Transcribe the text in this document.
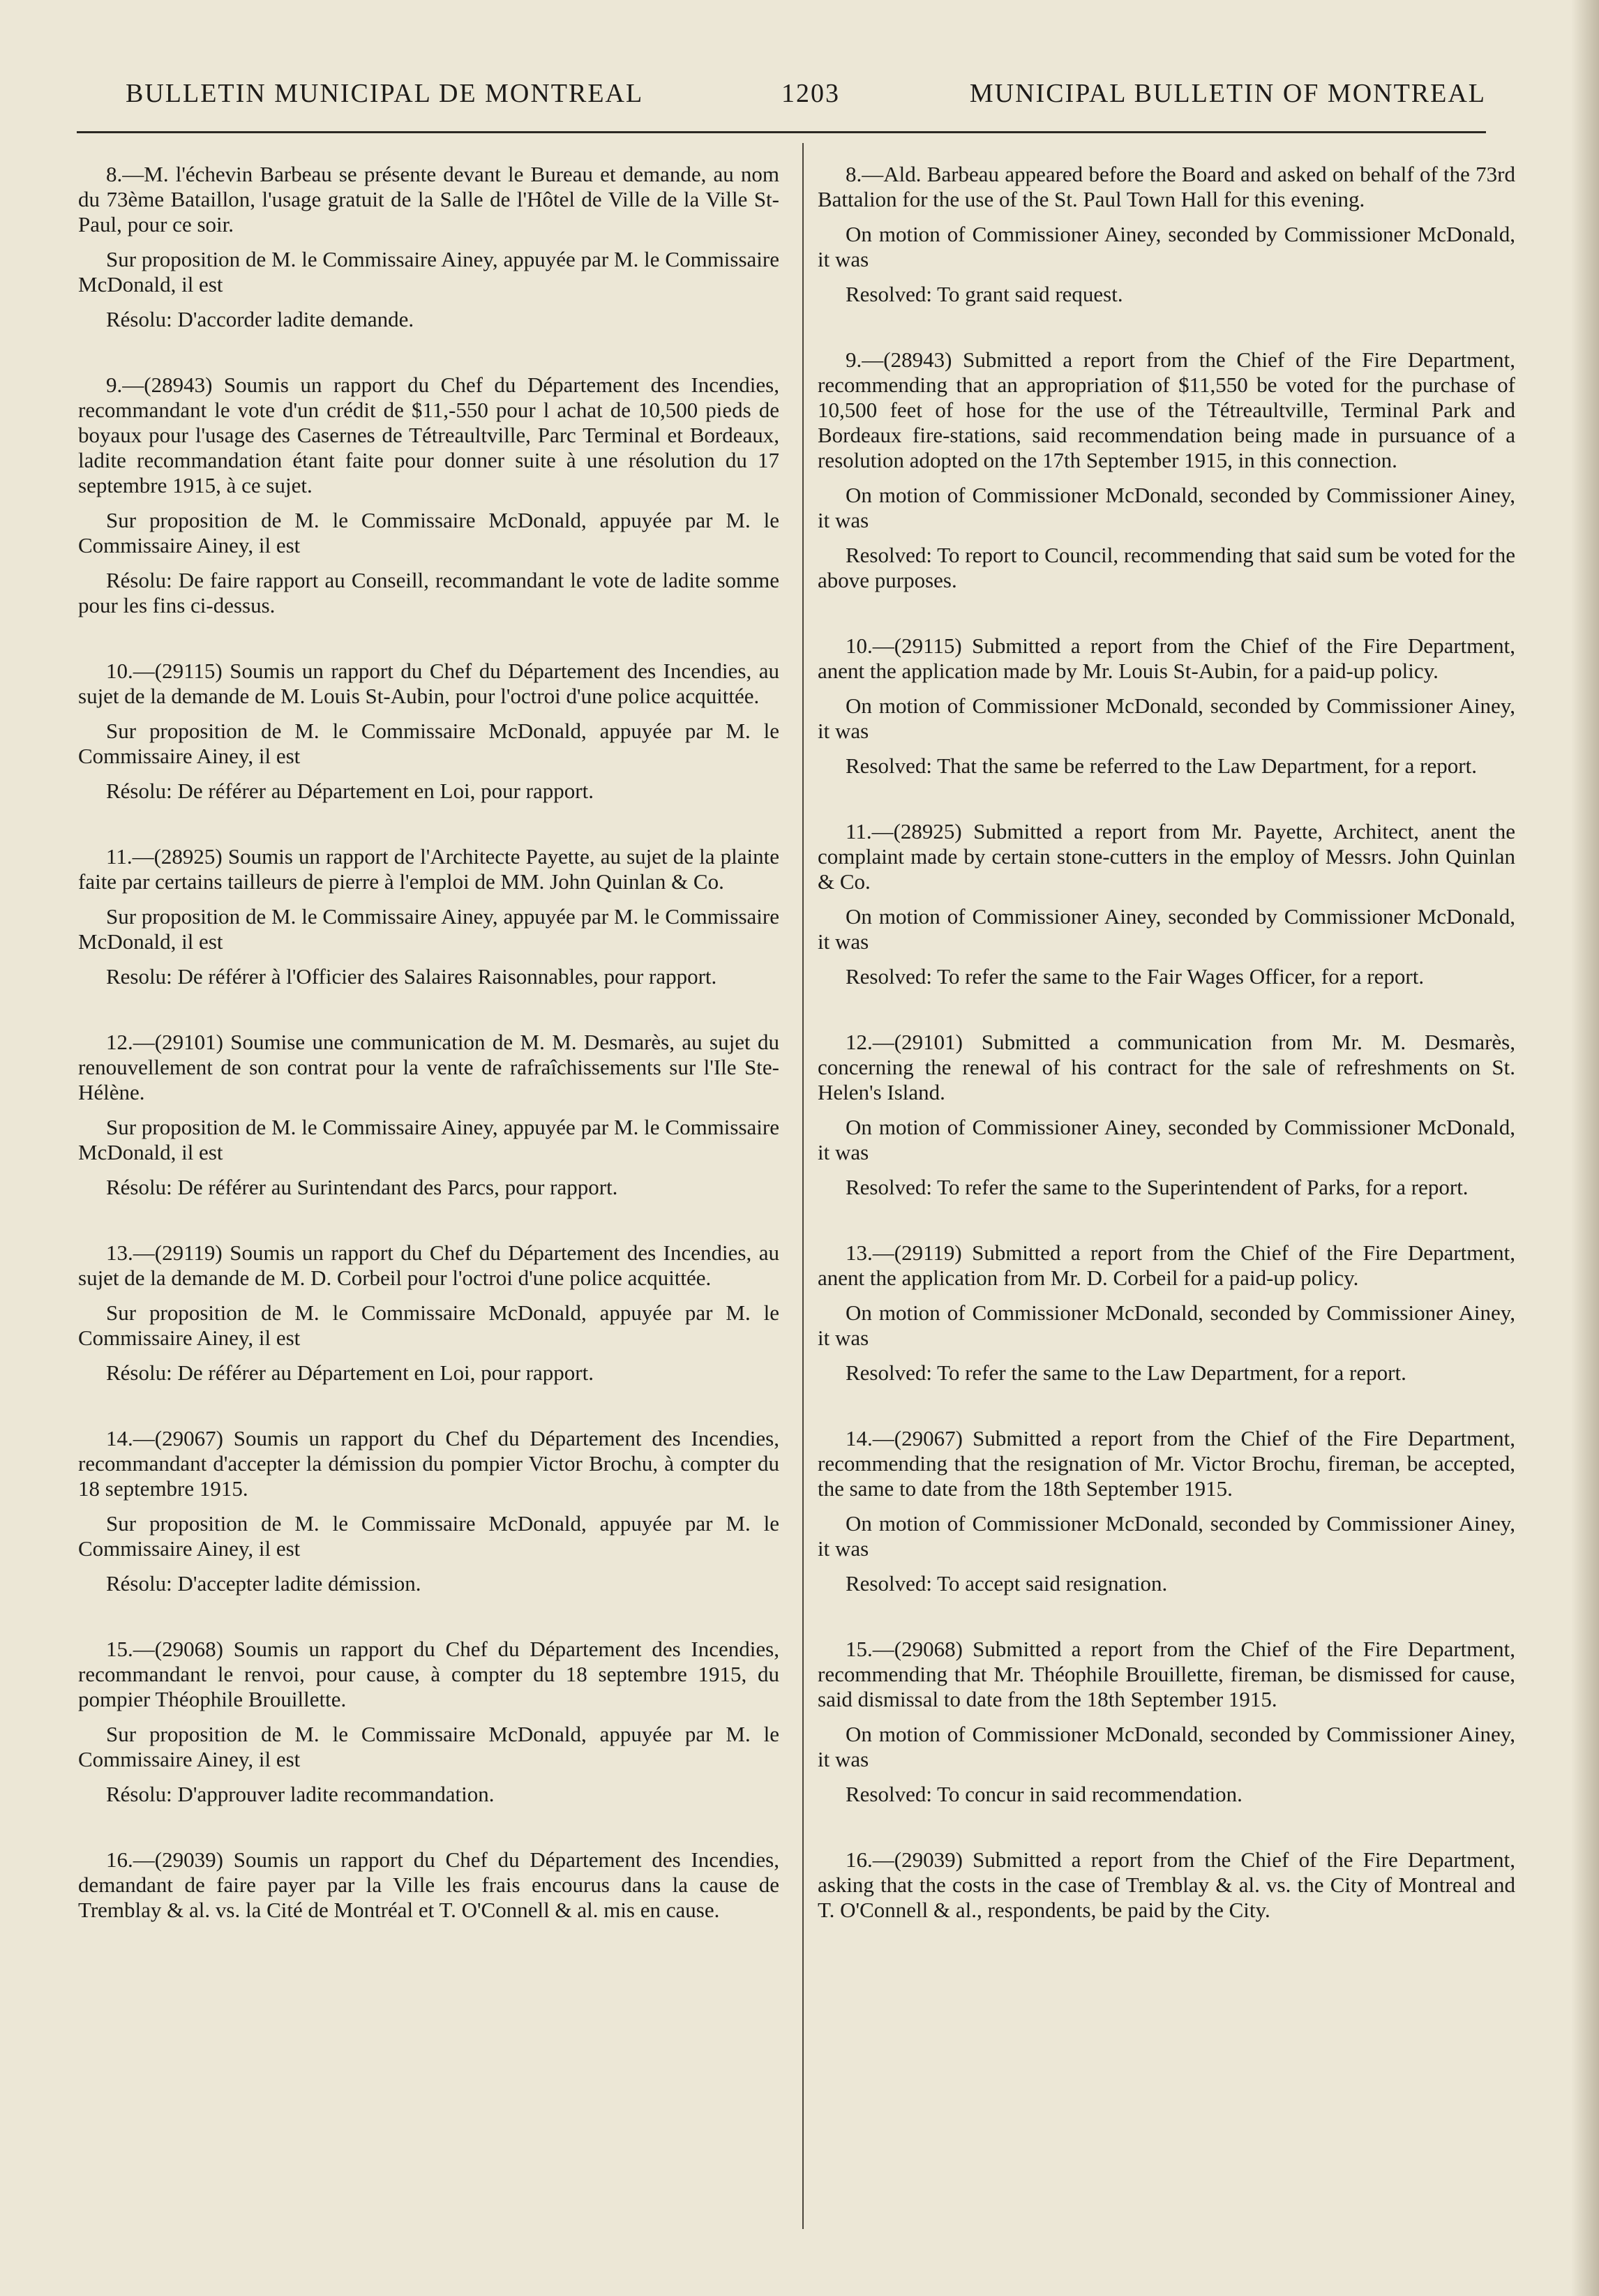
BULLETIN MUNICIPAL DE MONTREAL	1203	MUNICIPAL BULLETIN OF MONTREAL

8.—M. l'échevin Barbeau se présente devant le Bureau et demande, au nom du 73ème Bataillon, l'usage gratuit de la Salle de l'Hôtel de Ville de la Ville St-Paul, pour ce soir.

Sur proposition de M. le Commissaire Ainey, appuyée par M. le Commissaire McDonald, il est

Résolu: D'accorder ladite demande.

9.—(28943) Soumis un rapport du Chef du Département des Incendies, recommandant le vote d'un crédit de $11,-550 pour l achat de 10,500 pieds de boyaux pour l'usage des Casernes de Tétreaultville, Parc Terminal et Bordeaux, ladite recommandation étant faite pour donner suite à une résolution du 17 septembre 1915, à ce sujet.

Sur proposition de M. le Commissaire McDonald, appuyée par M. le Commissaire Ainey, il est

Résolu: De faire rapport au Conseill, recommandant le vote de ladite somme pour les fins ci-dessus.

10.—(29115) Soumis un rapport du Chef du Département des Incendies, au sujet de la demande de M. Louis St-Aubin, pour l'octroi d'une police acquittée.

Sur proposition de M. le Commissaire McDonald, appuyée par M. le Commissaire Ainey, il est

Résolu: De référer au Département en Loi, pour rapport.

11.—(28925) Soumis un rapport de l'Architecte Payette, au sujet de la plainte faite par certains tailleurs de pierre à l'emploi de MM. John Quinlan & Co.

Sur proposition de M. le Commissaire Ainey, appuyée par M. le Commissaire McDonald, il est

Resolu: De référer à l'Officier des Salaires Raisonnables, pour rapport.

12.—(29101) Soumise une communication de M. M. Desmarès, au sujet du renouvellement de son contrat pour la vente de rafraîchissements sur l'Ile Ste-Hélène.

Sur proposition de M. le Commissaire Ainey, appuyée par M. le Commissaire McDonald, il est

Résolu: De référer au Surintendant des Parcs, pour rapport.

13.—(29119) Soumis un rapport du Chef du Département des Incendies, au sujet de la demande de M. D. Corbeil pour l'octroi d'une police acquittée.

Sur proposition de M. le Commissaire McDonald, appuyée par M. le Commissaire Ainey, il est

Résolu: De référer au Département en Loi, pour rapport.

14.—(29067) Soumis un rapport du Chef du Département des Incendies, recommandant d'accepter la démission du pompier Victor Brochu, à compter du 18 septembre 1915.

Sur proposition de M. le Commissaire McDonald, appuyée par M. le Commissaire Ainey, il est

Résolu: D'accepter ladite démission.

15.—(29068) Soumis un rapport du Chef du Département des Incendies, recommandant le renvoi, pour cause, à compter du 18 septembre 1915, du pompier Théophile Brouillette.

Sur proposition de M. le Commissaire McDonald, appuyée par M. le Commissaire Ainey, il est

Résolu: D'approuver ladite recommandation.

16.—(29039) Soumis un rapport du Chef du Département des Incendies, demandant de faire payer par la Ville les frais encourus dans la cause de Tremblay & al. vs. la Cité de Montréal et T. O'Connell & al. mis en cause.

8.—Ald. Barbeau appeared before the Board and asked on behalf of the 73rd Battalion for the use of the St. Paul Town Hall for this evening.

On motion of Commissioner Ainey, seconded by Commissioner McDonald, it was

Resolved: To grant said request.

9.—(28943) Submitted a report from the Chief of the Fire Department, recommending that an appropriation of $11,550 be voted for the purchase of 10,500 feet of hose for the use of the Tétreaultville, Terminal Park and Bordeaux fire-stations, said recommendation being made in pursuance of a resolution adopted on the 17th September 1915, in this connection.

On motion of Commissioner McDonald, seconded by Commissioner Ainey, it was

Resolved: To report to Council, recommending that said sum be voted for the above purposes.

10.—(29115) Submitted a report from the Chief of the Fire Department, anent the application made by Mr. Louis St-Aubin, for a paid-up policy.

On motion of Commissioner McDonald, seconded by Commissioner Ainey, it was

Resolved: That the same be referred to the Law Department, for a report.

11.—(28925) Submitted a report from Mr. Payette, Architect, anent the complaint made by certain stone-cutters in the employ of Messrs. John Quinlan & Co.

On motion of Commissioner Ainey, seconded by Commissioner McDonald, it was

Resolved: To refer the same to the Fair Wages Officer, for a report.

12.—(29101) Submitted a communication from Mr. M. Desmarès, concerning the renewal of his contract for the sale of refreshments on St. Helen's Island.

On motion of Commissioner Ainey, seconded by Commissioner McDonald, it was

Resolved: To refer the same to the Superintendent of Parks, for a report.

13.—(29119) Submitted a report from the Chief of the Fire Department, anent the application from Mr. D. Corbeil for a paid-up policy.

On motion of Commissioner McDonald, seconded by Commissioner Ainey, it was

Resolved: To refer the same to the Law Department, for a report.

14.—(29067) Submitted a report from the Chief of the Fire Department, recommending that the resignation of Mr. Victor Brochu, fireman, be accepted, the same to date from the 18th September 1915.

On motion of Commissioner McDonald, seconded by Commissioner Ainey, it was

Resolved: To accept said resignation.

15.—(29068) Submitted a report from the Chief of the Fire Department, recommending that Mr. Théophile Brouillette, fireman, be dismissed for cause, said dismissal to date from the 18th September 1915.

On motion of Commissioner McDonald, seconded by Commissioner Ainey, it was

Resolved: To concur in said recommendation.

16.—(29039) Submitted a report from the Chief of the Fire Department, asking that the costs in the case of Tremblay & al. vs. the City of Montreal and T. O'Connell & al., respondents, be paid by the City.
